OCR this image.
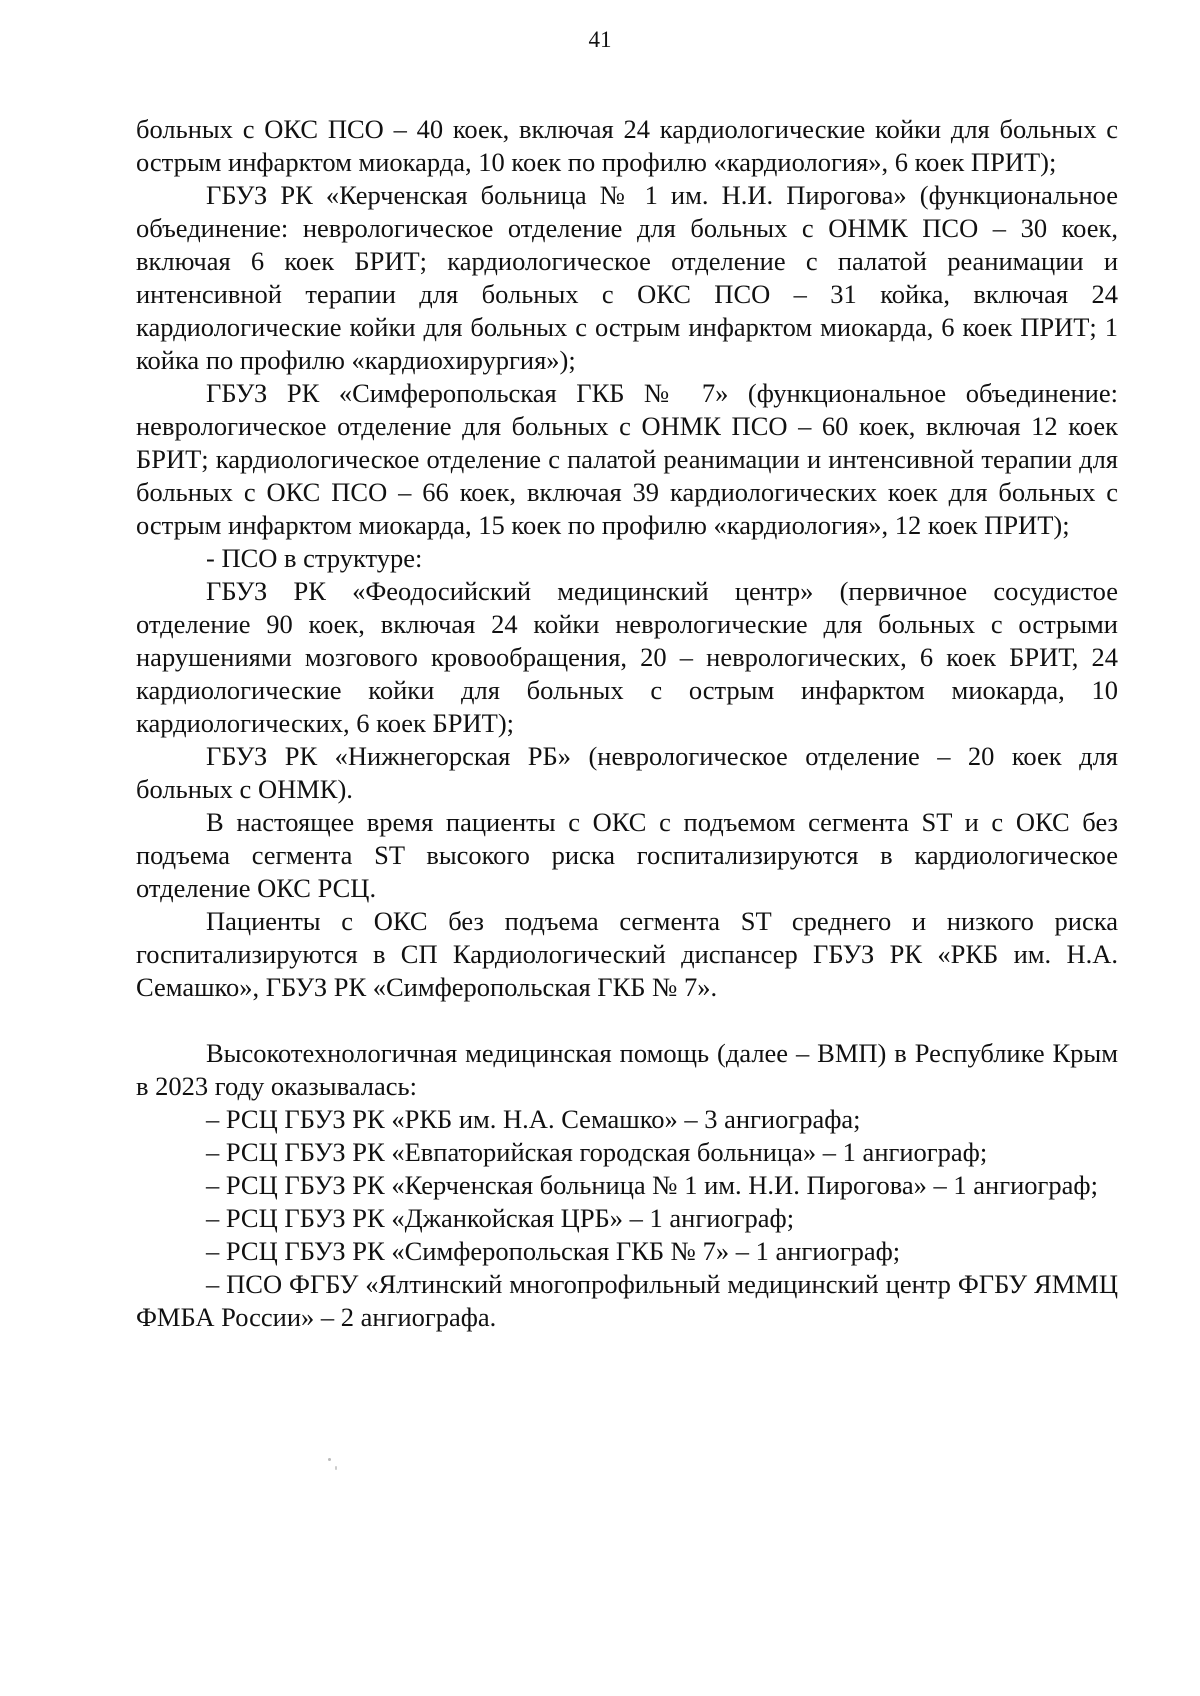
41

больных с ОКС ПСО – 40 коек, включая 24 кардиологические койки для больных с острым инфарктом миокарда, 10 коек по профилю «кардиология», 6 коек ПРИТ);

ГБУЗ РК «Керченская больница № 1 им. Н.И. Пирогова» (функциональное объединение: неврологическое отделение для больных с ОНМК ПСО – 30 коек, включая 6 коек БРИТ; кардиологическое отделение с палатой реанимации и интенсивной терапии для больных с ОКС ПСО – 31 койка, включая 24 кардиологические койки для больных с острым инфарктом миокарда, 6 коек ПРИТ; 1 койка по профилю «кардиохирургия»);

ГБУЗ РК «Симферопольская ГКБ № 7» (функциональное объединение: неврологическое отделение для больных с ОНМК ПСО – 60 коек, включая 12 коек БРИТ; кардиологическое отделение с палатой реанимации и интенсивной терапии для больных с ОКС ПСО – 66 коек, включая 39 кардиологических коек для больных с острым инфарктом миокарда, 15 коек по профилю «кардиология», 12 коек ПРИТ);

- ПСО в структуре:

ГБУЗ РК «Феодосийский медицинский центр» (первичное сосудистое отделение 90 коек, включая 24 койки неврологические для больных с острыми нарушениями мозгового кровообращения, 20 – неврологических, 6 коек БРИТ, 24 кардиологические койки для больных с острым инфарктом миокарда, 10 кардиологических, 6 коек БРИТ);

ГБУЗ РК «Нижнегорская РБ» (неврологическое отделение – 20 коек для больных с ОНМК).

В настоящее время пациенты с ОКС с подъемом сегмента ST и с ОКС без подъема сегмента ST высокого риска госпитализируются в кардиологическое отделение ОКС РСЦ.

Пациенты с ОКС без подъема сегмента ST среднего и низкого риска госпитализируются в СП Кардиологический диспансер ГБУЗ РК «РКБ им. Н.А. Семашко», ГБУЗ РК «Симферопольская ГКБ № 7».

Высокотехнологичная медицинская помощь (далее – ВМП) в Республике Крым в 2023 году оказывалась:

– РСЦ ГБУЗ РК «РКБ им. Н.А. Семашко» – 3 ангиографа;

– РСЦ ГБУЗ РК «Евпаторийская городская больница» – 1 ангиограф;

– РСЦ ГБУЗ РК «Керченская больница № 1 им. Н.И. Пирогова» – 1 ангиограф;

– РСЦ ГБУЗ РК «Джанкойская ЦРБ» – 1 ангиограф;

– РСЦ ГБУЗ РК «Симферопольская ГКБ № 7» – 1 ангиограф;

– ПСО ФГБУ «Ялтинский многопрофильный медицинский центр ФГБУ ЯММЦ ФМБА России» – 2 ангиографа.
